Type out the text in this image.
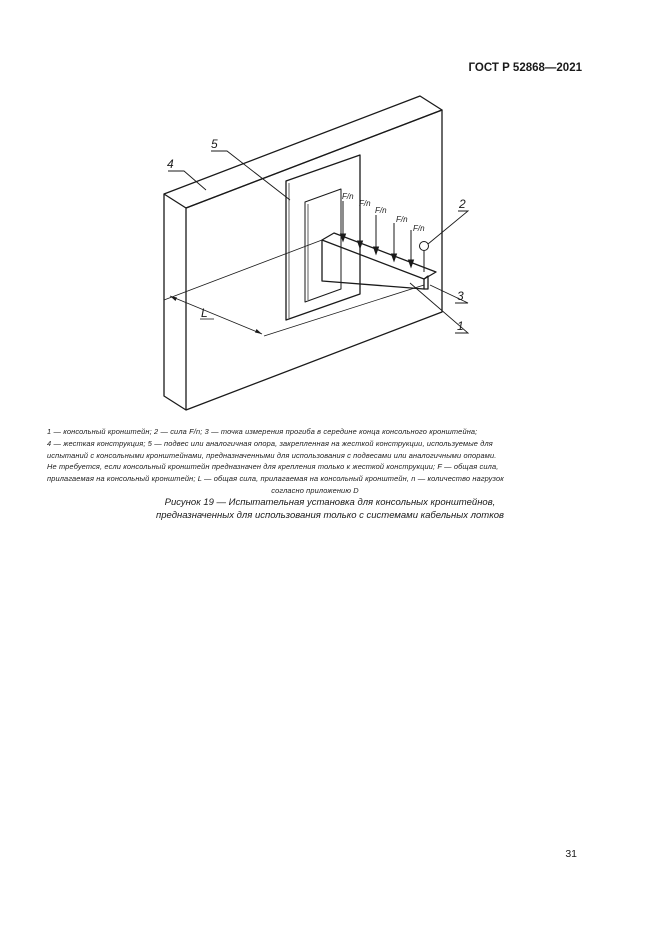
ГОСТ Р 52868—2021
4
5
2
3
1
L
F/n
F/n
F/n
F/n
F/n
1 — консольный кронштейн; 2 — сила F/n; 3 — точка измерения прогиба в середине конца консольного кронштейна;
4 — жесткая конструкция; 5 — подвес или аналогичная опора, закрепленная на жесткой конструкции, используемые для
испытаний с консольными кронштейнами, предназначенными для использования с подвесами или аналогичными опорами.
Не требуется, если консольный кронштейн предназначен для крепления только к жесткой конструкции; F — общая сила,
прилагаемая на консольный кронштейн; L — общая сила, прилагаемая на консольный кронштейн, n — количество нагрузок
согласно приложению D
Рисунок 19 — Испытательная установка для консольных кронштейнов,
предназначенных для использования только с системами кабельных лотков
31
